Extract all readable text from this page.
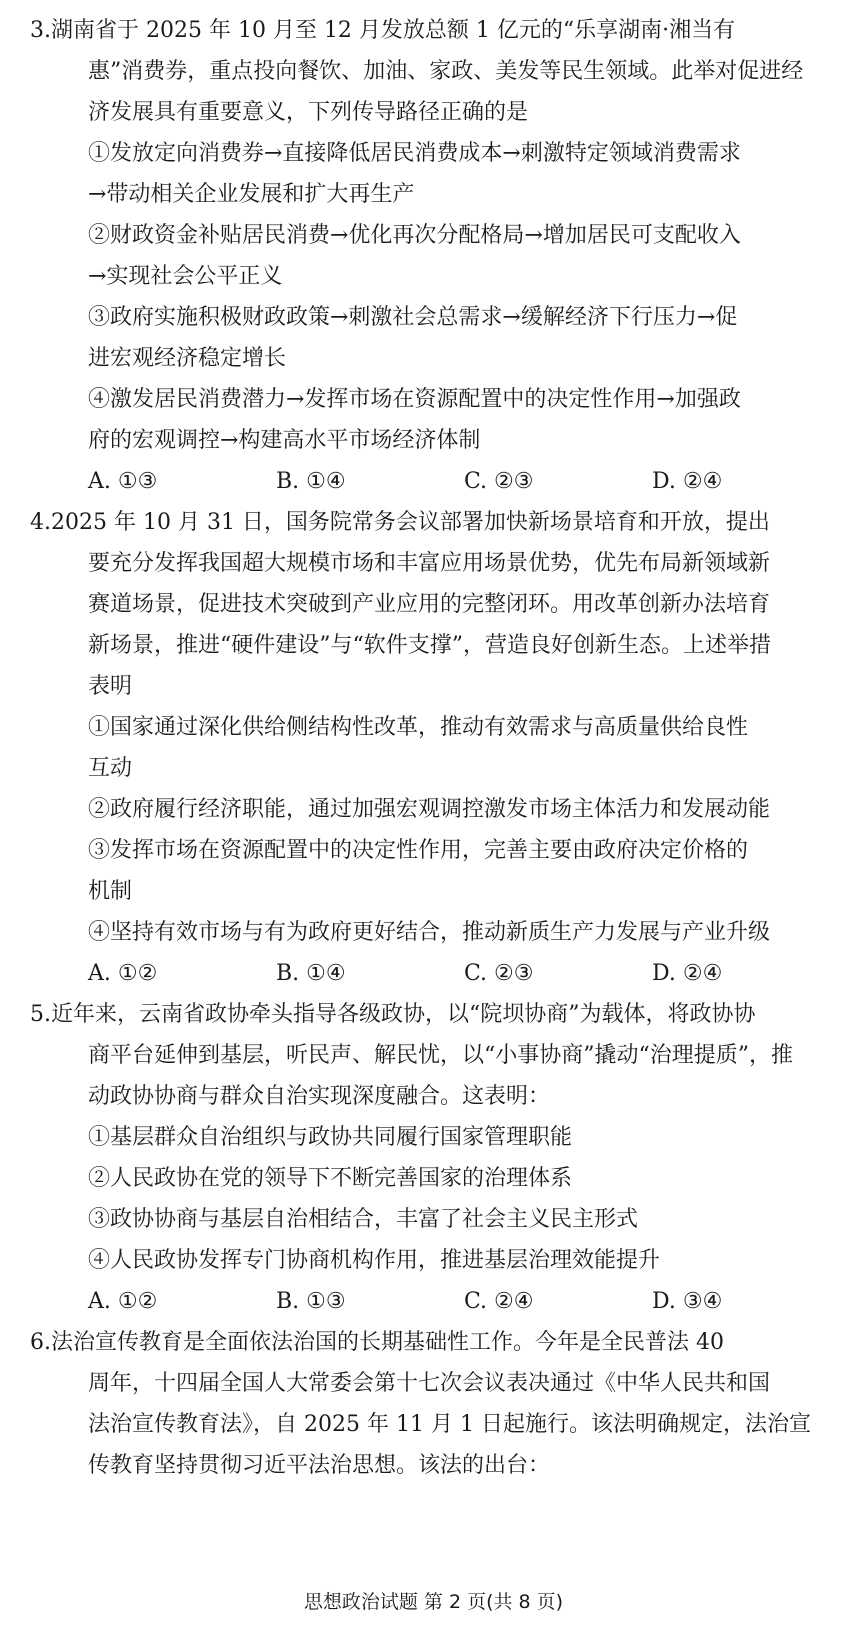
3.湖南省于 2025 年 10 月至 12 月发放总额 1 亿元的“乐享湖南·湘当有
惠”消费券，重点投向餐饮、加油、家政、美发等民生领域。此举对促进经
济发展具有重要意义，下列传导路径正确的是
①发放定向消费券→直接降低居民消费成本→刺激特定领域消费需求
→带动相关企业发展和扩大再生产
②财政资金补贴居民消费→优化再次分配格局→增加居民可支配收入
→实现社会公平正义
③政府实施积极财政政策→刺激社会总需求→缓解经济下行压力→促
进宏观经济稳定增长
④激发居民消费潜力→发挥市场在资源配置中的决定性作用→加强政
府的宏观调控→构建高水平市场经济体制
A. ①③	B. ①④	C. ②③	D. ②④
4.2025 年 10 月 31 日，国务院常务会议部署加快新场景培育和开放，提出
要充分发挥我国超大规模市场和丰富应用场景优势，优先布局新领域新
赛道场景，促进技术突破到产业应用的完整闭环。用改革创新办法培育
新场景，推进“硬件建设”与“软件支撑”，营造良好创新生态。上述举措
表明
①国家通过深化供给侧结构性改革，推动有效需求与高质量供给良性
互动
②政府履行经济职能，通过加强宏观调控激发市场主体活力和发展动能
③发挥市场在资源配置中的决定性作用，完善主要由政府决定价格的
机制
④坚持有效市场与有为政府更好结合，推动新质生产力发展与产业升级
A. ①②	B. ①④	C. ②③	D. ②④
5.近年来，云南省政协牵头指导各级政协，以“院坝协商”为载体，将政协协
商平台延伸到基层，听民声、解民忧，以“小事协商”撬动“治理提质”，推
动政协协商与群众自治实现深度融合。这表明：
①基层群众自治组织与政协共同履行国家管理职能
②人民政协在党的领导下不断完善国家的治理体系
③政协协商与基层自治相结合，丰富了社会主义民主形式
④人民政协发挥专门协商机构作用，推进基层治理效能提升
A. ①②	B. ①③	C. ②④	D. ③④
6.法治宣传教育是全面依法治国的长期基础性工作。今年是全民普法 40
周年，十四届全国人大常委会第十七次会议表决通过《中华人民共和国
法治宣传教育法》，自 2025 年 11 月 1 日起施行。该法明确规定，法治宣
传教育坚持贯彻习近平法治思想。该法的出台：
思想政治试题 第 2 页(共 8 页)
